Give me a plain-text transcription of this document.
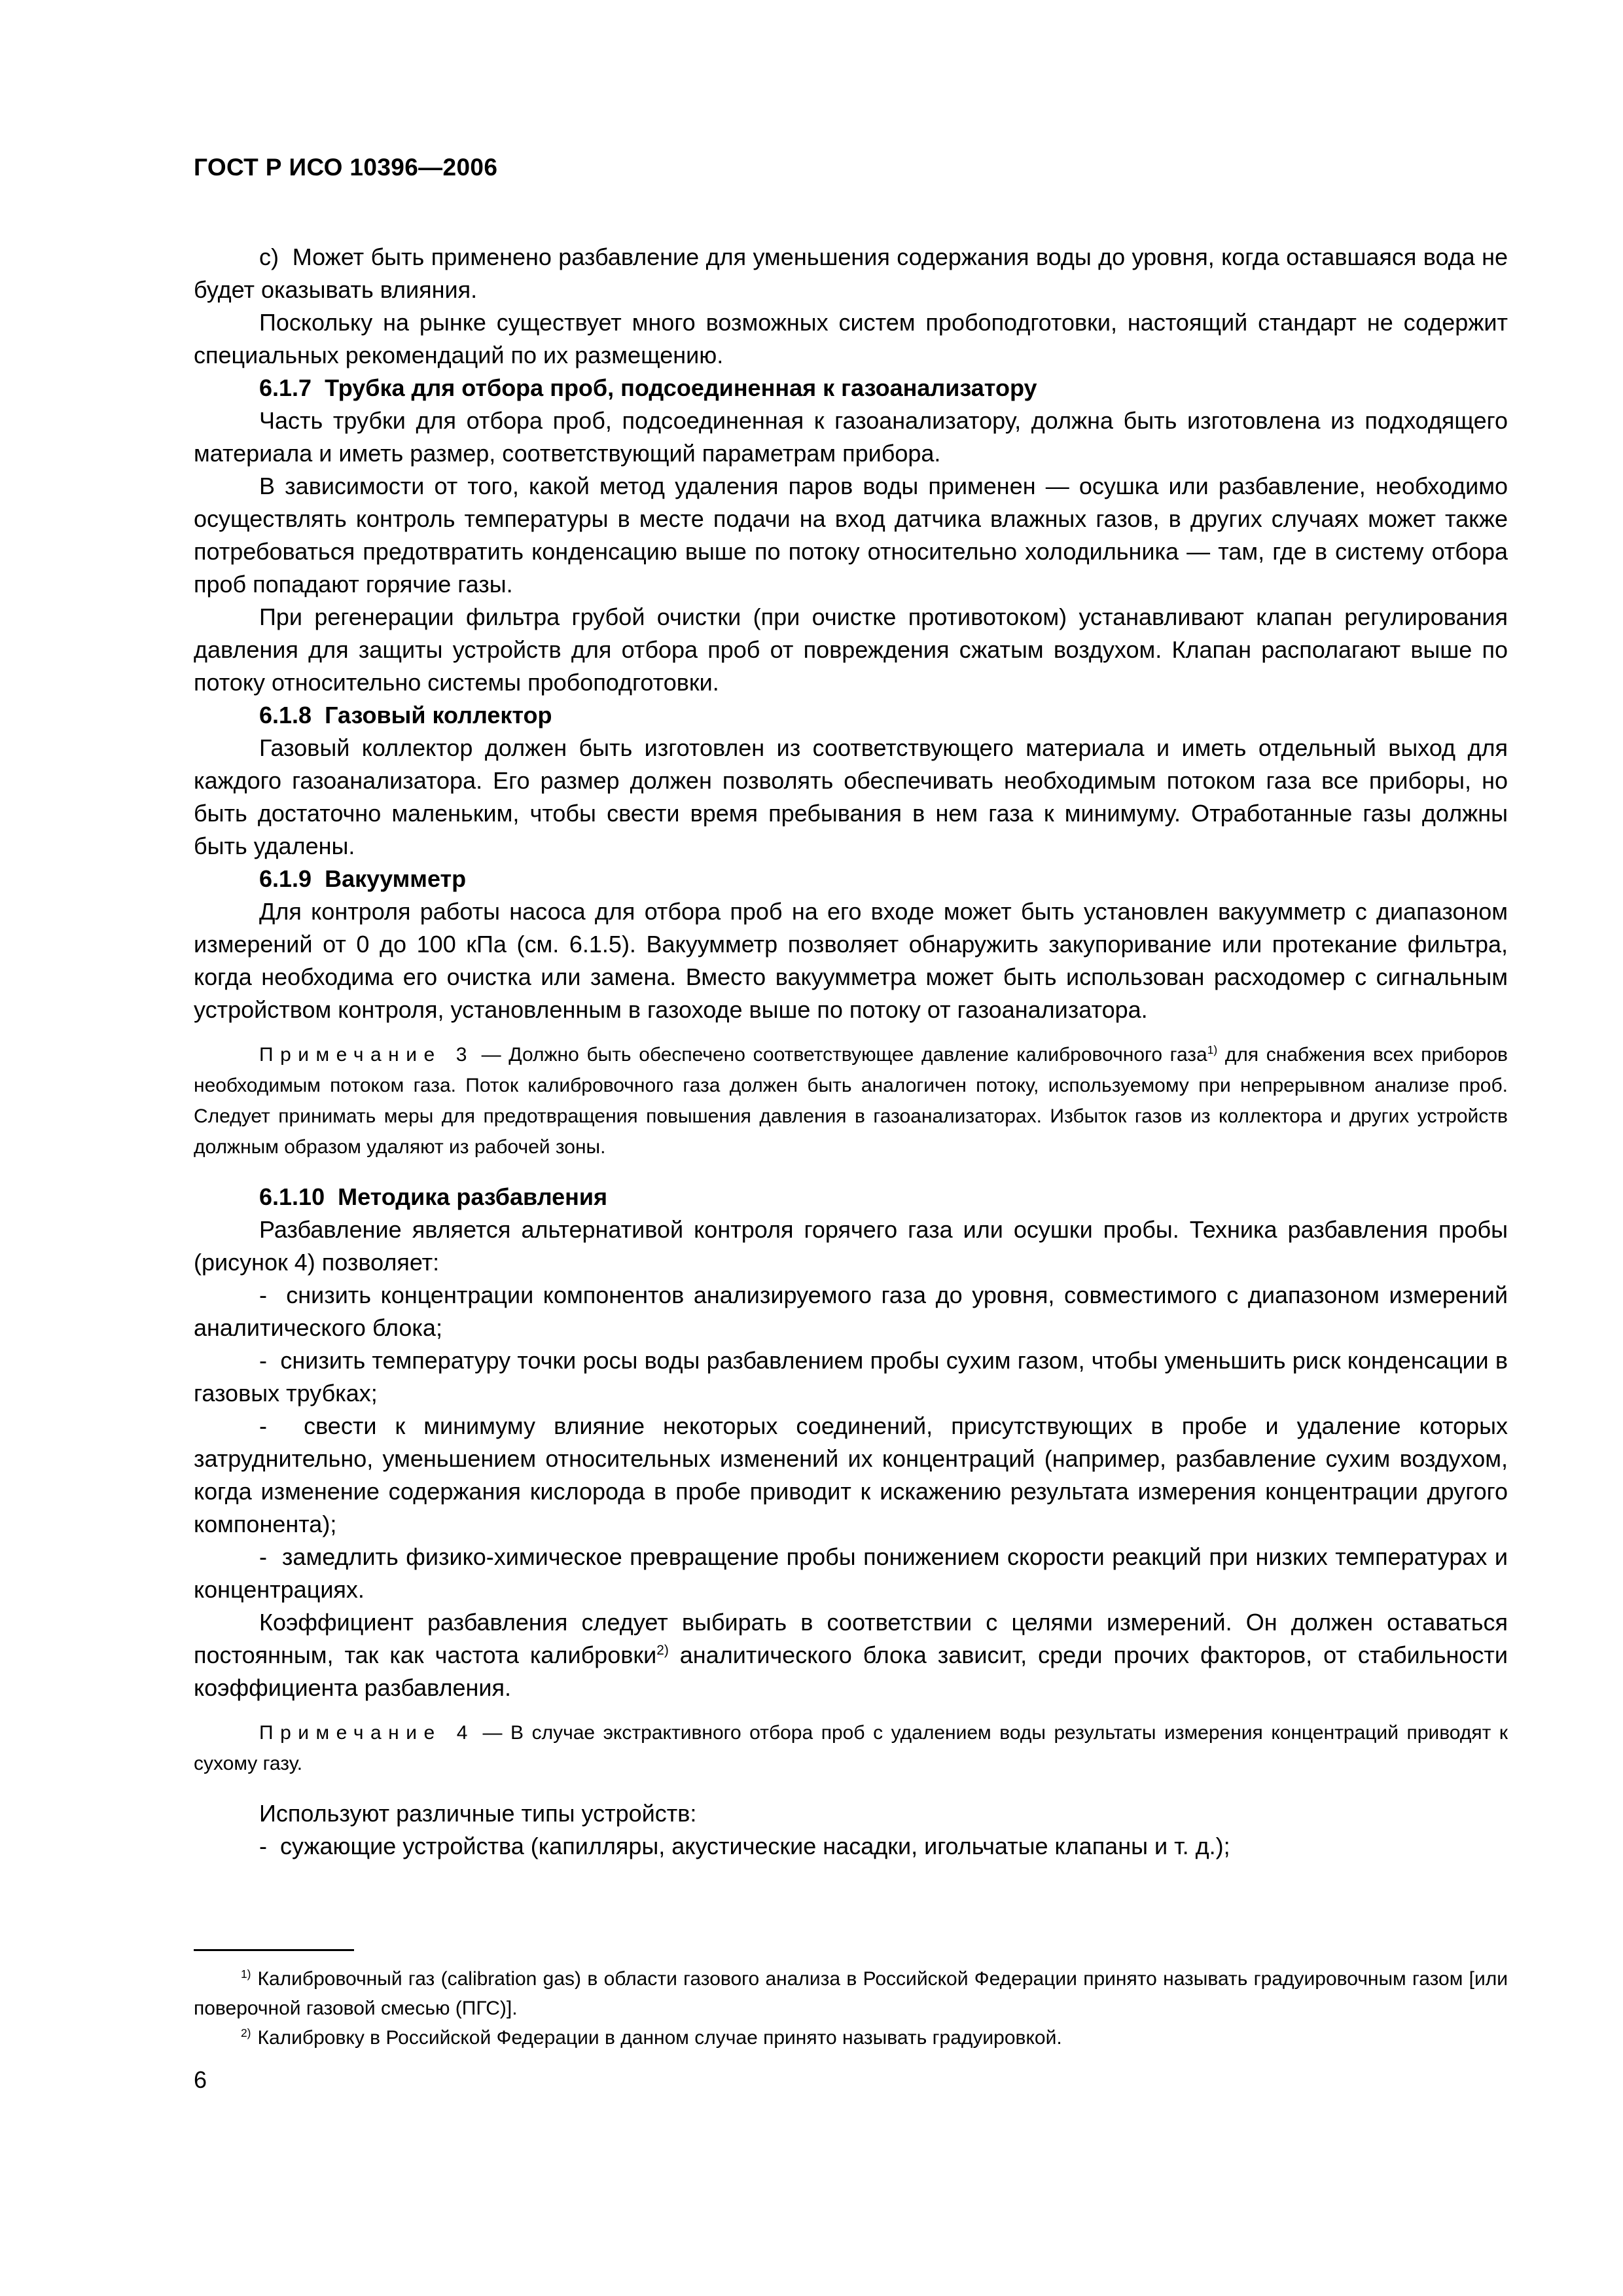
ГОСТ Р ИСО 10396—2006

с)  Может быть применено разбавление для уменьшения содержания воды до уровня, когда оставшаяся вода не будет оказывать влияния.

Поскольку на рынке существует много возможных систем пробоподготовки, настоящий стандарт не содержит специальных рекомендаций по их размещению.

6.1.7  Трубка для отбора проб, подсоединенная к газоанализатору

Часть трубки для отбора проб, подсоединенная к газоанализатору, должна быть изготовлена из подходящего материала и иметь размер, соответствующий параметрам прибора.

В зависимости от того, какой метод удаления паров воды применен — осушка или разбавление, необходимо осуществлять контроль температуры в месте подачи на вход датчика влажных газов, в других случаях может также потребоваться предотвратить конденсацию выше по потоку относительно холодильника — там, где в систему отбора проб попадают горячие газы.

При регенерации фильтра грубой очистки (при очистке противотоком) устанавливают клапан регулирования давления для защиты устройств для отбора проб от повреждения сжатым воздухом. Клапан располагают выше по потоку относительно системы пробоподготовки.

6.1.8  Газовый коллектор

Газовый коллектор должен быть изготовлен из соответствующего материала и иметь отдельный выход для каждого газоанализатора. Его размер должен позволять обеспечивать необходимым потоком газа все приборы, но быть достаточно маленьким, чтобы свести время пребывания в нем газа к минимуму. Отработанные газы должны быть удалены.

6.1.9  Вакуумметр

Для контроля работы насоса для отбора проб на его входе может быть установлен вакуумметр с диапазоном измерений от 0 до 100 кПа (см. 6.1.5). Вакуумметр позволяет обнаружить закупоривание или протекание фильтра, когда необходима его очистка или замена. Вместо вакуумметра может быть использован расходомер с сигнальным устройством контроля, установленным в газоходе выше по потоку от газоанализатора.

Примечание 3 — Должно быть обеспечено соответствующее давление калибровочного газа$^{1)}$ для снабжения всех приборов необходимым потоком газа. Поток калибровочного газа должен быть аналогичен потоку, используемому при непрерывном анализе проб. Следует принимать меры для предотвращения повышения давления в газоанализаторах. Избыток газов из коллектора и других устройств должным образом удаляют из рабочей зоны.

6.1.10  Методика разбавления

Разбавление является альтернативой контроля горячего газа или осушки пробы. Техника разбавления пробы (рисунок 4) позволяет:

-  снизить концентрации компонентов анализируемого газа до уровня, совместимого с диапазоном измерений аналитического блока;

-  снизить температуру точки росы воды разбавлением пробы сухим газом, чтобы уменьшить риск конденсации в газовых трубках;

-  свести к минимуму влияние некоторых соединений, присутствующих в пробе и удаление которых затруднительно, уменьшением относительных изменений их концентраций (например, разбавление сухим воздухом, когда изменение содержания кислорода в пробе приводит к искажению результата измерения концентрации другого компонента);

-  замедлить физико-химическое превращение пробы понижением скорости реакций при низких температурах и концентрациях.

Коэффициент разбавления следует выбирать в соответствии с целями измерений. Он должен оставаться постоянным, так как частота калибровки$^{2)}$ аналитического блока зависит, среди прочих факторов, от стабильности коэффициента разбавления.

Примечание 4 — В случае экстрактивного отбора проб с удалением воды результаты измерения концентраций приводят к сухому газу.

Используют различные типы устройств:

-  сужающие устройства (капилляры, акустические насадки, игольчатые клапаны и т. д.);

$^{1)}$ Калибровочный газ (calibration gas) в области газового анализа в Российской Федерации принято называть градуировочным газом [или поверочной газовой смесью (ПГС)].

$^{2)}$ Калибровку в Российской Федерации в данном случае принято называть градуировкой.

6
